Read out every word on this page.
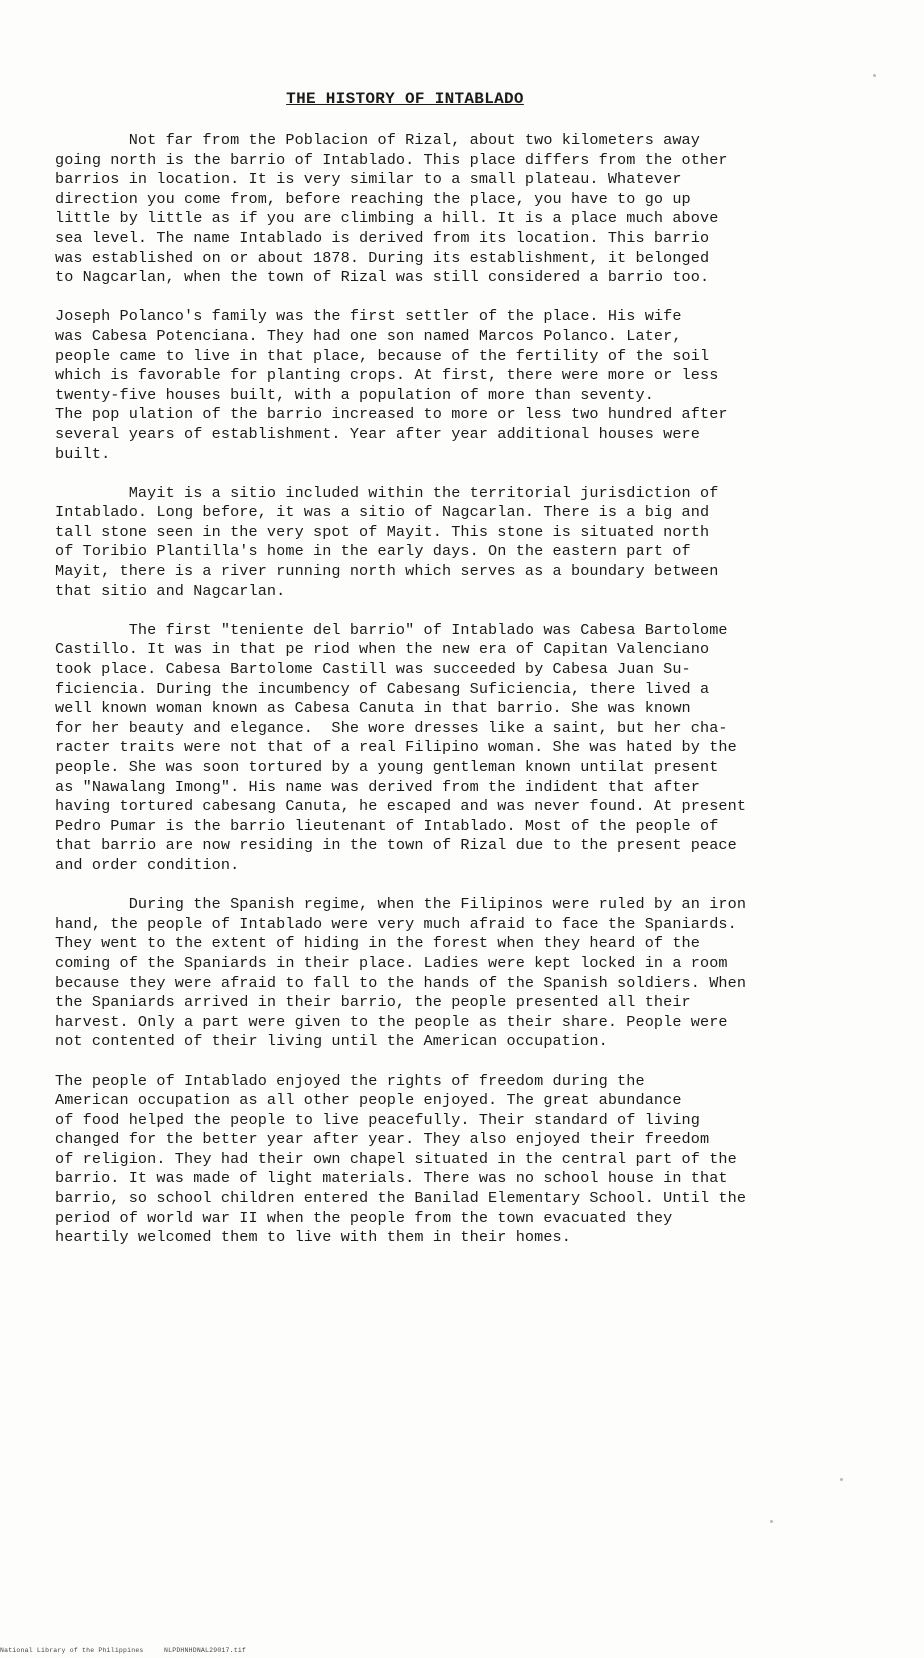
THE HISTORY OF INTABLADO
Not far from the Poblacion of Rizal, about two kilometers away
going north is the barrio of Intablado. This place differs from the other
barrios in location. It is very similar to a small plateau. Whatever
direction you come from, before reaching the place, you have to go up
little by little as if you are climbing a hill. It is a place much above
sea level. The name Intablado is derived from its location. This barrio
was established on or about 1878. During its establishment, it belonged
to Nagcarlan, when the town of Rizal was still considered a barrio too.
Joseph Polanco's family was the first settler of the place. His wife
was Cabesa Potenciana. They had one son named Marcos Polanco. Later,
people came to live in that place, because of the fertility of the soil
which is favorable for planting crops. At first, there were more or less
twenty-five houses built, with a population of more than seventy.
The pop ulation of the barrio increased to more or less two hundred after
several years of establishment. Year after year additional houses were
built.
Mayit is a sitio included within the territorial jurisdiction of
Intablado. Long before, it was a sitio of Nagcarlan. There is a big and
tall stone seen in the very spot of Mayit. This stone is situated north
of Toribio Plantilla's home in the early days. On the eastern part of
Mayit, there is a river running north which serves as a boundary between
that sitio and Nagcarlan.
The first "teniente del barrio" of Intablado was Cabesa Bartolome
Castillo. It was in that pe riod when the new era of Capitan Valenciano
took place. Cabesa Bartolome Castill was succeeded by Cabesa Juan Su-
ficiencia. During the incumbency of Cabesang Suficiencia, there lived a
well known woman known as Cabesa Canuta in that barrio. She was known
for her beauty and elegance.  She wore dresses like a saint, but her cha-
racter traits were not that of a real Filipino woman. She was hated by the
people. She was soon tortured by a young gentleman known untilat present
as "Nawalang Imong". His name was derived from the indident that after
having tortured cabesang Canuta, he escaped and was never found. At present
Pedro Pumar is the barrio lieutenant of Intablado. Most of the people of
that barrio are now residing in the town of Rizal due to the present peace
and order condition.
During the Spanish regime, when the Filipinos were ruled by an iron
hand, the people of Intablado were very much afraid to face the Spaniards.
They went to the extent of hiding in the forest when they heard of the
coming of the Spaniards in their place. Ladies were kept locked in a room
because they were afraid to fall to the hands of the Spanish soldiers. When
the Spaniards arrived in their barrio, the people presented all their
harvest. Only a part were given to the people as their share. People were
not contented of their living until the American occupation.
The people of Intablado enjoyed the rights of freedom during the
American occupation as all other people enjoyed. The great abundance
of food helped the people to live peacefully. Their standard of living
changed for the better year after year. They also enjoyed their freedom
of religion. They had their own chapel situated in the central part of the
barrio. It was made of light materials. There was no school house in that
barrio, so school children entered the Banilad Elementary School. Until the
period of world war II when the people from the town evacuated they
heartily welcomed them to live with them in their homes.
National Library of the Philippines     NLPDHNHDNAL29017.tif
